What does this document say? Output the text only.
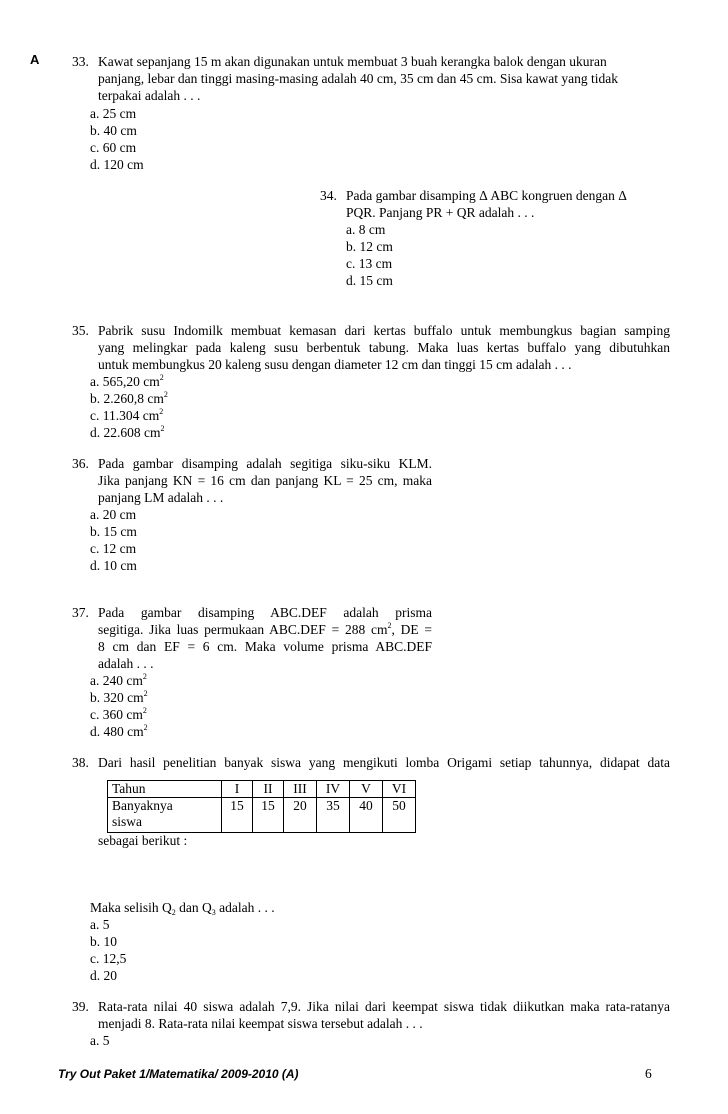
A 33. Kawat sepanjang 15 m akan digunakan untuk membuat 3 buah kerangka balok dengan ukuran
panjang, lebar dan tinggi masing-masing adalah 40 cm, 35 cm dan 45 cm. Sisa kawat yang tidak
terpakai adalah . . .
a. 25 cm
b. 40 cm
c. 60 cm
d. 120 cm
34. Pada gambar disamping Δ ABC kongruen dengan Δ
PQR. Panjang PR + QR adalah . . .
a. 8 cm
b. 12 cm
c. 13 cm
d. 15 cm
35. Pabrik susu Indomilk membuat kemasan dari kertas buffalo untuk membungkus bagian samping
yang melingkar pada kaleng susu berbentuk tabung. Maka luas kertas buffalo yang dibutuhkan
untuk membungkus 20 kaleng susu dengan diameter 12 cm dan tinggi 15 cm adalah . . .
a. 565,20 $cm^2$
b. 2.260,8 $cm^2$
c. 11.304 $cm^2$
d. 22.608 $cm^2$
36. Pada gambar disamping adalah segitiga siku-siku KLM.
Jika panjang KN = 16 cm dan panjang KL = 25 cm, maka
panjang LM adalah . . .
a. 20 cm
b. 15 cm
c. 12 cm
d. 10 cm
37. Pada gambar disamping ABC.DEF adalah prisma
segitiga. Jika luas permukaan ABC.DEF = 288 $cm^2$, DE =
8 cm dan EF = 6 cm. Maka volume prisma ABC.DEF
adalah . . .
a. 240 $cm^2$
b. 320 $cm^2$
c. 360 $cm^2$
d. 480 $cm^2$
38. Dari hasil penelitian banyak siswa yang mengikuti lomba Origami setiap tahunnya, didapat data
Tahun	I	II	III	IV	V	VI
Banyaknya
siswa	15	15	20	35	40	50
sebagai berikut :
Maka selisih $Q_2$ dan $Q_3$ adalah . . .
a. 5
b. 10
c. 12,5
d. 20
39. Rata-rata nilai 40 siswa adalah 7,9. Jika nilai dari keempat siswa tidak diikutkan maka rata-ratanya
menjadi 8. Rata-rata nilai keempat siswa tersebut adalah . . .
a. 5
Try Out Paket 1/Matematika/ 2009-2010 (A)	6
